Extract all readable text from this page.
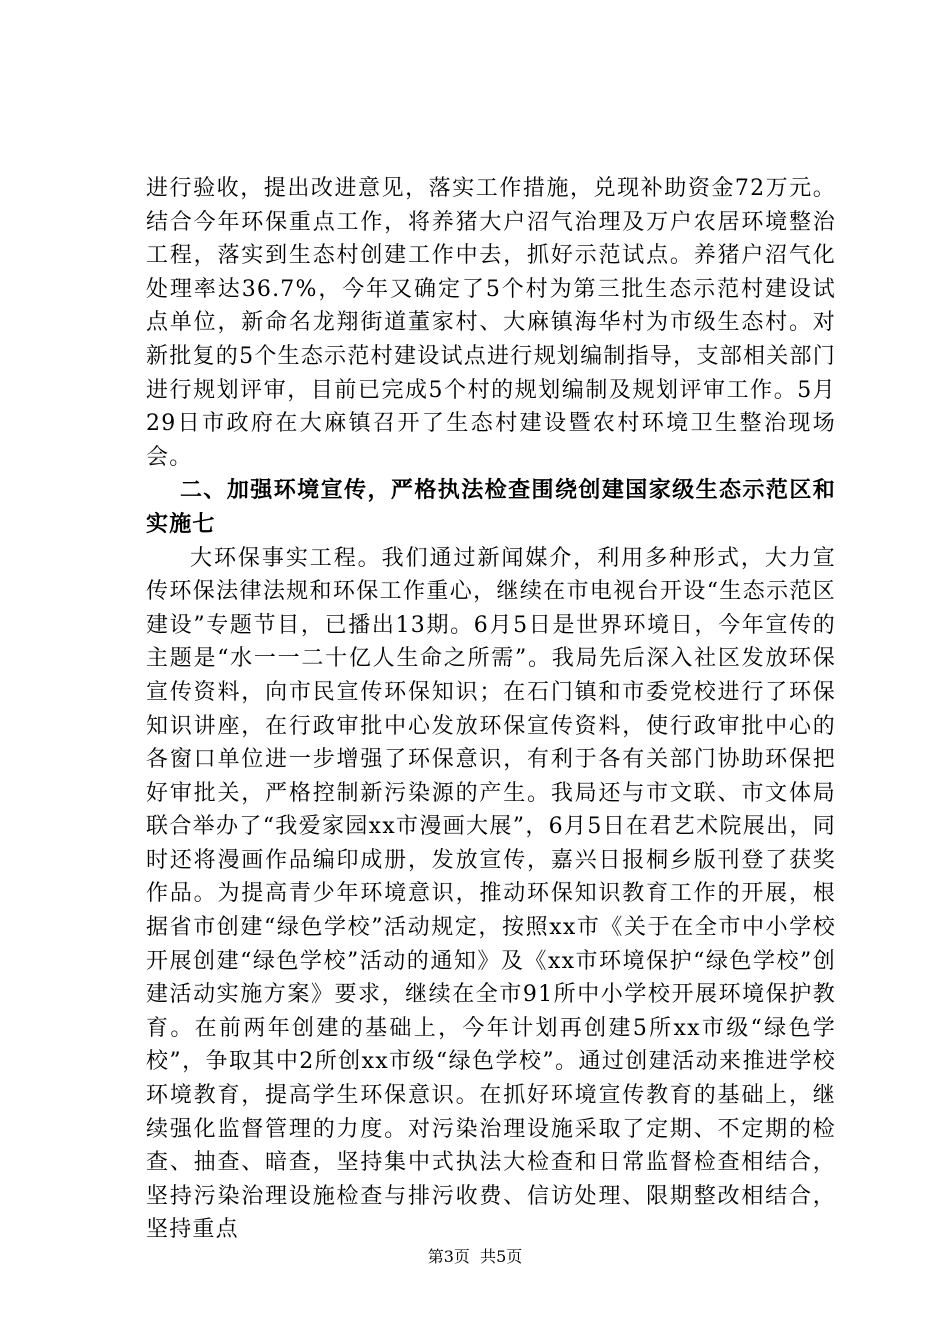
进行验收，提出改进意见，落实工作措施，兑现补助资金72万元。结合今年环保重点工作，将养猪大户沼气治理及万户农居环境整治工程，落实到生态村创建工作中去，抓好示范试点。养猪户沼气化处理率达36.7%，今年又确定了5个村为第三批生态示范村建设试点单位，新命名龙翔街道董家村、大麻镇海华村为市级生态村。对新批复的5个生态示范村建设试点进行规划编制指导，支部相关部门进行规划评审，目前已完成5个村的规划编制及规划评审工作。5月29日市政府在大麻镇召开了生态村建设暨农村环境卫生整治现场会。

二、加强环境宣传，严格执法检查围绕创建国家级生态示范区和实施七

大环保事实工程。我们通过新闻媒介，利用多种形式，大力宣传环保法律法规和环保工作重心，继续在市电视台开设“生态示范区建设”专题节目，已播出13期。6月5日是世界环境日，今年宣传的主题是“水一一二十亿人生命之所需”。我局先后深入社区发放环保宣传资料，向市民宣传环保知识；在石门镇和市委党校进行了环保知识讲座，在行政审批中心发放环保宣传资料，使行政审批中心的各窗口单位进一步增强了环保意识，有利于各有关部门协助环保把好审批关，严格控制新污染源的产生。我局还与市文联、市文体局联合举办了“我爱家园xx市漫画大展”，6月5日在君艺术院展出，同时还将漫画作品编印成册，发放宣传，嘉兴日报桐乡版刊登了获奖作品。为提高青少年环境意识，推动环保知识教育工作的开展，根据省市创建“绿色学校”活动规定，按照xx市《关于在全市中小学校开展创建“绿色学校”活动的通知》及《xx市环境保护“绿色学校”创建活动实施方案》要求，继续在全市91所中小学校开展环境保护教育。在前两年创建的基础上，今年计划再创建5所xx市级“绿色学校”，争取其中2所创xx市级“绿色学校”。通过创建活动来推进学校环境教育，提高学生环保意识。在抓好环境宣传教育的基础上，继续强化监督管理的力度。对污染治理设施采取了定期、不定期的检查、抽查、暗查，坚持集中式执法大检查和日常监督检查相结合，坚持污染治理设施检查与排污收费、信访处理、限期整改相结合，坚持重点

第3页 共5页
